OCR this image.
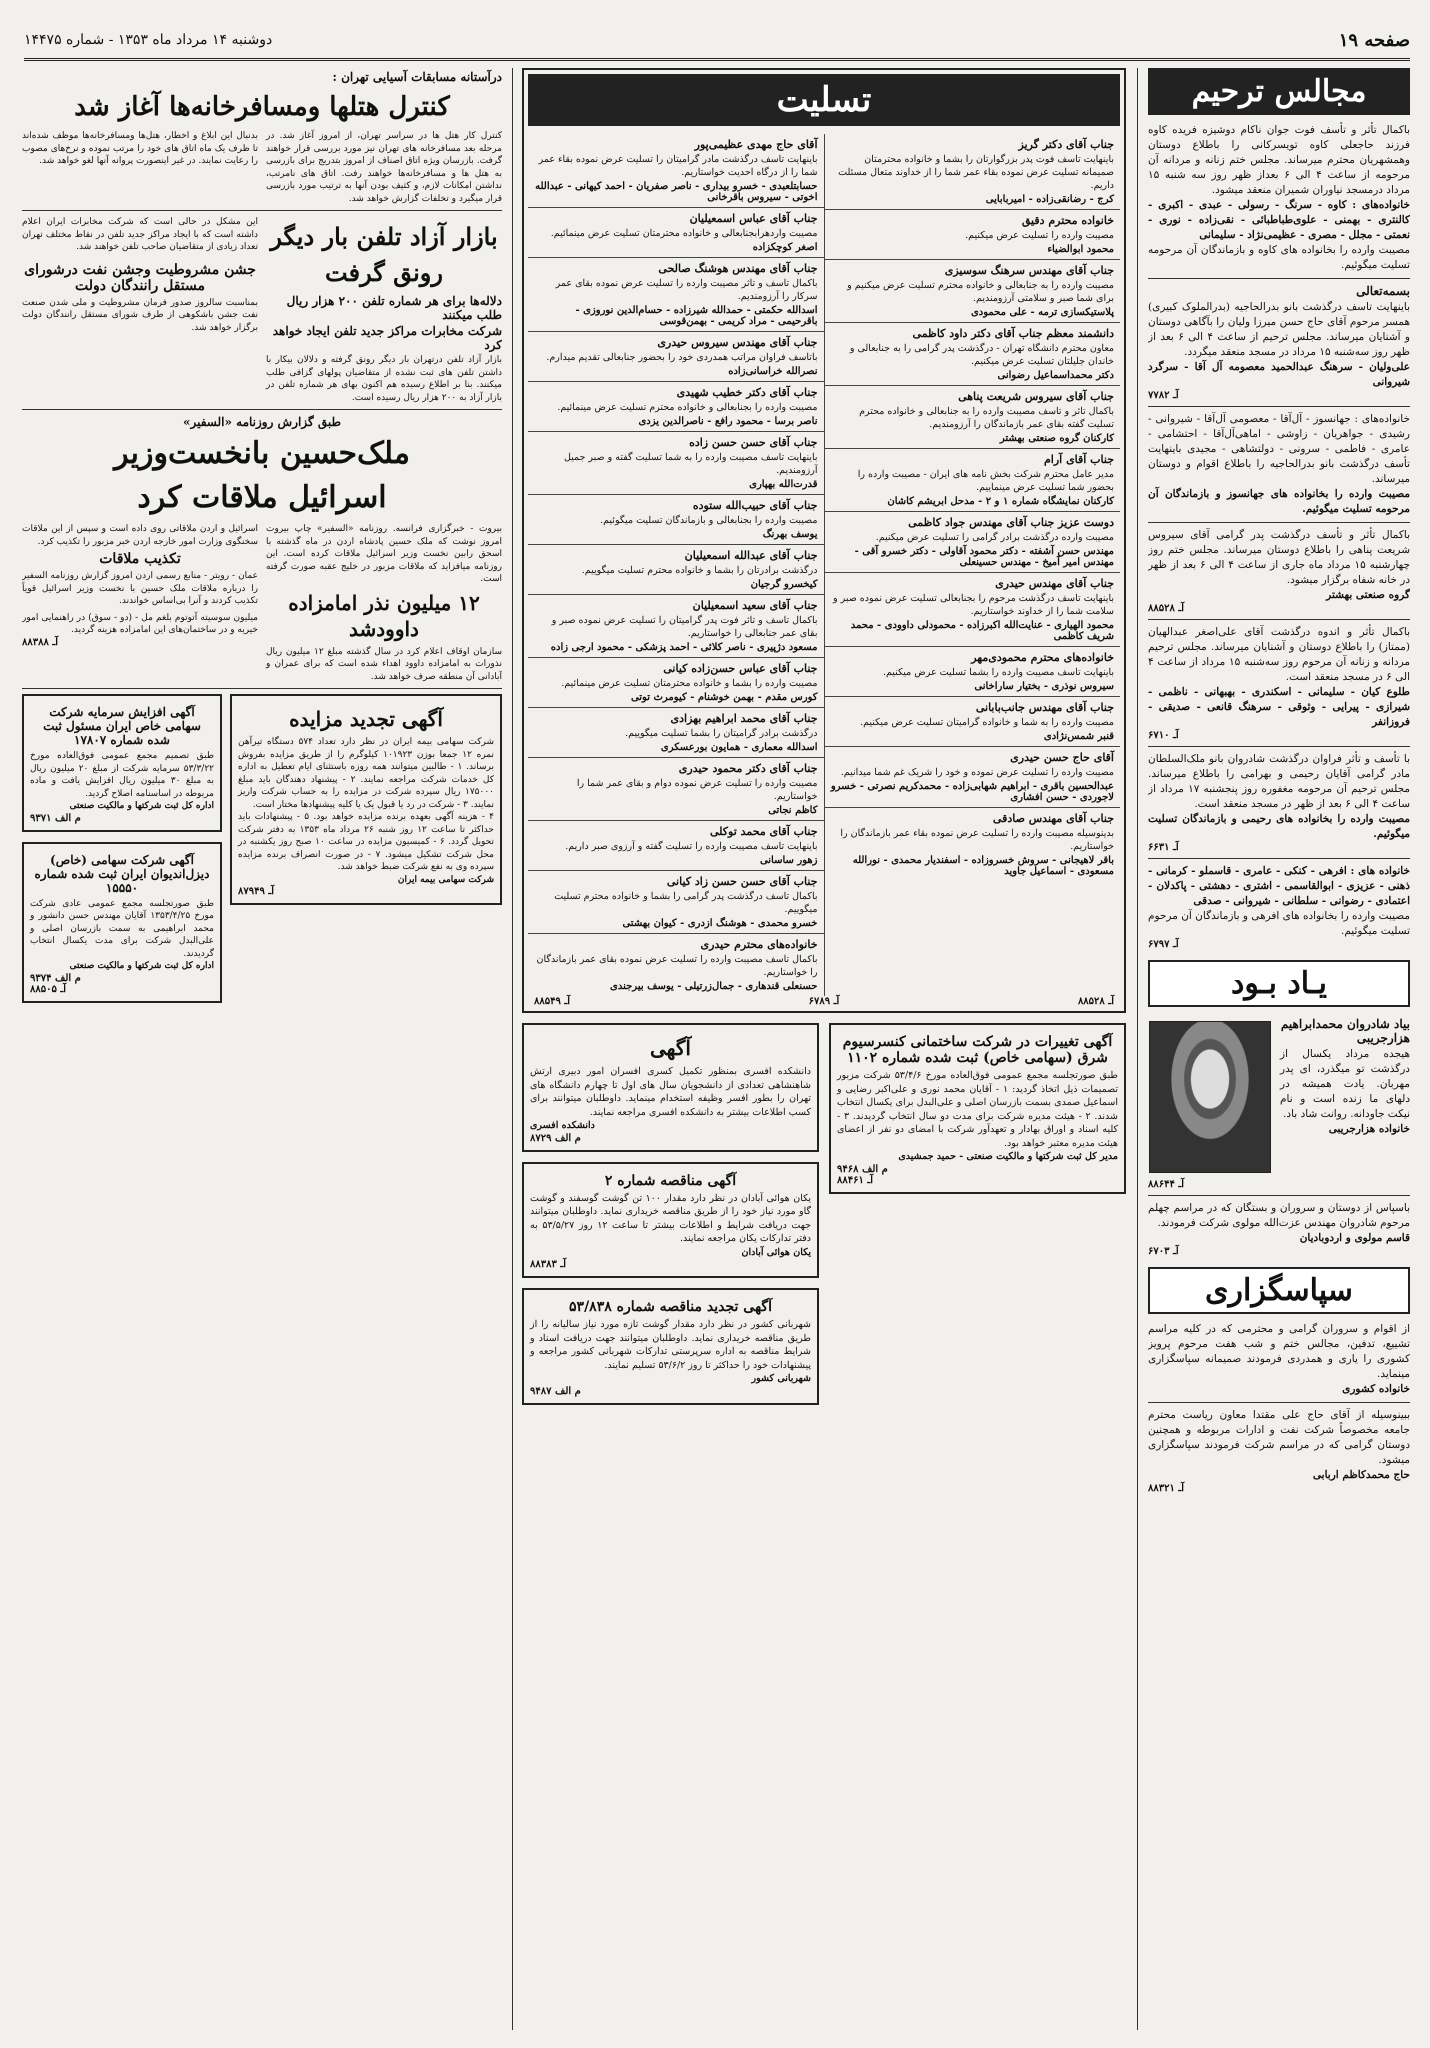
صفحه ۱۹
دوشنبه ۱۴ مرداد ماه ۱۳۵۳ - شماره ۱۴۴۷۵
مجالس ترحیم
باکمال تأثر و تأسف فوت جوان ناکام دوشیزه فریده کاوه فرزند حاجعلی کاوه تویسرکانی را باطلاع دوستان وهمشهریان محترم میرساند. مجلس ختم زنانه و مردانه آن مرحومه از ساعت ۴ الی ۶ بعداز ظهر روز سه شنبه ۱۵ مرداد درمسجد نیاوران شمیران منعقد میشود.
خانواده‌های : کاوه - سرنگ - رسولی - عبدی - اکبری - کالنتری - بهمنی - علوی‌طباطبائی - نقی‌زاده - نوری - نعمتی - مجلل - مصری - عظیمی‌نژاد - سلیمانی
مصیبت وارده را بخانواده های کاوه و بازماندگان آن مرحومه تسلیت میگوئیم.
بسمه‌تعالی
باینهایت تاسف درگذشت بانو بدرالحاجیه (بدرالملوک کبیری) همسر مرحوم آقای حاج حسن میرزا ولیان را بآگاهی دوستان و آشنایان میرساند. مجلس ترحیم از ساعت ۴ الی ۶ بعد از ظهر روز سه‌شنبه ۱۵ مرداد در مسجد منعقد میگردد.
علی‌ولیان - سرهنگ عبدالحمید معصومه آل آقا - سرگرد شیروانی
آـ ۷۷۸۲
خانواده‌های : جهانسوز - آل‌آقا - معصومی آل‌آقا - شیروانی - رشیدی - جواهریان - زاوشی - اماهی‌آل‌آقا - احتشامی - عامری - فاطمی - سرونی - دولتشاهی - مجیدی باینهایت تأسف درگذشت بانو بدرالحاجیه را باطلاع اقوام و دوستان میرساند.
مصیبت وارده را بخانواده های جهانسوز و بازماندگان آن مرحومه تسلیت میگوئیم.
باکمال تأثر و تأسف درگذشت پدر گرامی آقای سیروس شریعت پناهی را باطلاع دوستان میرساند. مجلس ختم روز چهارشنبه ۱۵ مرداد ماه جاری از ساعت ۴ الی ۶ بعد از ظهر در خانه شفاه برگزار میشود.
گروه صنعتی بهشتر
آـ ۸۸۵۲۸
باکمال تأثر و اندوه درگذشت آقای علی‌اصغر عبدالهیان (ممتاز) را باطلاع دوستان و آشنایان میرساند. مجلس ترحیم مردانه و زنانه آن مرحوم روز سه‌شنبه ۱۵ مرداد از ساعت ۴ الی ۶ در مسجد منعقد است.
طلوع کیان - سلیمانی - اسکندری - بهبهانی - ناظمی - شیرازی - پیرایی - وثوقی - سرهنگ قانعی - صدیقی - فروزانفر
آـ ۶۷۱۰
با تأسف و تأثر فراوان درگذشت شادروان بانو ملک‌السلطان مادر گرامی آقایان رحیمی و بهرامی را باطلاع میرساند. مجلس ترحیم آن مرحومه مغفوره روز پنجشنبه ۱۷ مرداد از ساعت ۴ الی ۶ بعد از ظهر در مسجد منعقد است.
مصیبت وارده را بخانواده های رحیمی و بازماندگان تسلیت میگوئیم.
آـ ۶۶۳۱
خانواده های : افرهی - کنکی - عامری - قاسملو - کرمانی - ذهنی - عزیزی - ابوالقاسمی - اشتری - دهشتی - پاکدلان - اعتمادی - رضوانی - سلطانی - شیروانی - صدقی
مصیبت وارده را بخانواده های افرهی و بازماندگان آن مرحوم تسلیت میگوئیم.
آـ ۶۷۹۷
یـاد بـود
بیاد شادروان محمدابراهیم هزارجریبی
هیجده مرداد یکسال از درگذشت تو میگذرد، ای پدر مهربان. یادت همیشه در دلهای ما زنده است و نام نیکت جاودانه. روانت شاد باد.
خانواده هزارجریبی
آـ ۸۸۶۴۴
باسپاس از دوستان و سروران و بستگان که در مراسم چهلم مرحوم شادروان مهندس عزت‌الله مولوی شرکت فرمودند.
قاسم مولوی و اردوبادیان
آـ ۶۷۰۳
سپاسگزاری
از اقوام و سروران گرامی و محترمی که در کلیه مراسم تشییع، تدفین، مجالس ختم و شب هفت مرحوم پرویز کشوری را یاری و همدردی فرمودند صمیمانه سپاسگزاری مینماید.
خانواده کشوری
ببینوسیله از آقای حاج علی مقتدا معاون ریاست محترم جامعه مخصوصاً شرکت نفت و ادارات مربوطه و همچنین دوستان گرامی که در مراسم شرکت فرمودند سپاسگزاری میشود.
حاج محمدکاظم اربابی
آـ ۸۸۳۲۱
تسلیت
جناب آقای دکتر گریز
باینهایت تاسف فوت پدر بزرگوارتان را بشما و خانواده محترمتان صمیمانه تسلیت عرض نموده بقاء عمر شما را از خداوند متعال مسئلت داریم.
کرج - رضانقی‌زاده - امیربابایی
خانواده محترم دقیق
مصیبت وارده را تسلیت عرض میکنیم.
محمود ابوالضیاء
جناب آقای مهندس سرهنگ سوسیزی
مصیبت وارده را به جنابعالی و خانواده محترم تسلیت عرض میکنیم و برای شما صبر و سلامتی آرزومندیم.
پلاستیکسازی ترمه - علی محمودی
دانشمند معظم جناب آقای دکتر داود کاظمی
معاون محترم دانشگاه تهران - درگذشت پدر گرامی را به جنابعالی و خاندان جلیلتان تسلیت عرض میکنیم.
دکتر محمداسماعیل رضوانی
جناب آقای سیروس شریعت پناهی
باکمال تاثر و تاسف مصیبت وارده را به جنابعالی و خانواده محترم تسلیت گفته بقای عمر بازماندگان را آرزومندیم.
کارکنان گروه صنعتی بهشتر
جناب آقای آرام
مدیر عامل محترم شرکت بخش نامه های ایران - مصیبت وارده را بحضور شما تسلیت عرض مینماییم.
کارکنان نمایشگاه شماره ۱ و ۲ - مدحل ابریشم کاشان
دوست عزیز جناب آقای مهندس جواد کاظمی
مصیبت وارده درگذشت برادر گرامی را تسلیت عرض میکنیم.
مهندس حسن آشفته - دکتر محمود آقاولی - دکتر خسرو آقی - مهندس امیر آمیخ - مهندس حسینعلی
جناب آقای مهندس حیدری
باینهایت تاسف درگذشت مرحوم را بجنابعالی تسلیت عرض نموده صبر و سلامت شما را از خداوند خواستاریم.
محمود الهیاری - عنایت‌الله اکبرزاده - محمودلی داوودی - محمد شریف کاظمی
خانواده‌های محترم محمودی‌مهر
باینهایت تاسف مصیبت وارده را بشما تسلیت عرض میکنیم.
سیروس نوذری - بختیار ساراخانی
جناب آقای مهندس جانب‌بابانی
مصیبت وارده را به شما و خانواده گرامیتان تسلیت عرض میکنیم.
قنبر شمس‌نژادی
آقای حاج حسن حیدری
مصیبت وارده را تسلیت عرض نموده و خود را شریک غم شما میدانیم.
عبدالحسین باقری - ابراهیم شهابی‌زاده - محمدکریم نصرتی - خسرو لاجوردی - حسن افشاری
جناب آقای مهندس صادقی
بدینوسیله مصیبت وارده را تسلیت عرض نموده بقاء عمر بازماندگان را خواستاریم.
باقر لاهیجانی - سروش خسروزاده - اسفندیار محمدی - نورالله مسعودی - اسماعیل جاوید
آقای حاج مهدی عظیمی‌پور
باینهایت تاسف درگذشت مادر گرامیتان را تسلیت عرض نموده بقاء عمر شما را از درگاه احدیت خواستاریم.
حسابتلعبدی - خسرو بیداری - ناصر صفریان - احمد کیهانی - عبدالله اخوتی - سیروس باقرخانی
جناب آقای عباس اسمعیلیان
مصیبت واردهرابجنابعالی و خانواده محترمتان تسلیت عرض مینمائیم.
اصغر کوچکزاده
جناب آقای مهندس هوشنگ صالحی
باکمال تاسف و تاثر مصیبت وارده را تسلیت عرض نموده بقای عمر سرکار را آرزومندیم.
اسدالله حکمتی - حمدالله شیرزاده - حسام‌الدین نوروزی - باقرحیمی - مراد کریمی - بهمن‌قوسی
جناب آقای مهندس سیروس حیدری
باتاسف فراوان مراتب همدردی خود را بحضور جنابعالی تقدیم میدارم.
نصرالله خراسانی‌زاده
جناب آقای دکتر خطیب شهیدی
مصیبت وارده را بجنابعالی و خانواده محترم تسلیت عرض مینمائیم.
ناصر برسا - محمود رافع - ناصرالدین یزدی
جناب آقای حسن حسن زاده
باینهایت تاسف مصیبت وارده را به شما تسلیت گفته و صبر جمیل آرزومندیم.
قدرت‌الله بهپاری
جناب آقای حبیب‌الله ستوده
مصیبت وارده را بجنابعالی و بازماندگان تسلیت میگوئیم.
یوسف بهرنگ
جناب آقای عبدالله اسمعیلیان
درگذشت برادرتان را بشما و خانواده محترم تسلیت میگوییم.
کیخسرو گرجیان
جناب آقای سعید اسمعیلیان
باکمال تاسف و تاثر فوت پدر گرامیتان را تسلیت عرض نموده صبر و بقای عمر جنابعالی را خواستاریم.
مسعود دژپیری - ناصر کلائی - احمد پزشکی - محمود ارجی زاده
جناب آقای عباس حسن‌زاده کیانی
مصیبت وارده را بشما و خانواده محترمتان تسلیت عرض مینمائیم.
کورس مقدم - بهمن خوشنام - کیومرث توتی
جناب آقای محمد ابراهیم بهزادی
درگذشت برادر گرامیتان را بشما تسلیت میگوییم.
اسدالله معماری - همایون بورعسکری
جناب آقای دکتر محمود حیدری
مصیبت وارده را تسلیت عرض نموده دوام و بقای عمر شما را خواستاریم.
کاظم نجاتی
جناب آقای محمد توکلی
باینهایت تاسف مصیبت وارده را تسلیت گفته و آرزوی صبر داریم.
زهور ساسانی
جناب آقای حسن حسن زاد کیانی
باکمال تاسف درگذشت پدر گرامی را بشما و خانواده محترم تسلیت میگوییم.
خسرو محمدی - هوشنگ ازدری - کیوان بهشتی
خانواده‌های محترم حیدری
باکمال تاسف مصیبت وارده را تسلیت عرض نموده بقای عمر بازماندگان را خواستاریم.
حسنعلی قندهاری - جمال‌زرتیلی - یوسف بیرجندی
آـ ۸۸۵۴۹	آـ ۶۷۸۹	آـ ۸۸۵۲۸
آگهی تغییرات در شرکت ساختمانی کنسرسیوم شرق (سهامی خاص) ثبت شده شماره ۱۱۰۲
طبق صورتجلسه مجمع عمومی فوق‌العاده مورخ ۵۳/۴/۶ شرکت مزبور تصمیمات ذیل اتخاذ گردید: ۱ - آقایان محمد نوری و علی‌اکبر رضایی و اسماعیل صمدی بسمت بازرسان اصلی و علی‌البدل برای یکسال انتخاب شدند. ۲ - هیئت مدیره شرکت برای مدت دو سال انتخاب گردیدند. ۳ - کلیه اسناد و اوراق بهادار و تعهدآور شرکت با امضای دو نفر از اعضای هیئت مدیره معتبر خواهد بود.
مدیر کل ثبت شرکتها و مالکیت صنعتی - حمید جمشیدی
م الف ۹۴۶۸
آـ ۸۸۴۶۱
آگهی
دانشکده افسری بمنظور تکمیل کسری افسران امور دبیری ارتش شاهنشاهی تعدادی از دانشجویان سال های اول تا چهارم دانشگاه های تهران را بطور افسر وظیفه استخدام مینماید. داوطلبان میتوانند برای کسب اطلاعات بیشتر به دانشکده افسری مراجعه نمایند.
دانشکده افسری
م الف ۸۷۲۹
آگهی مناقصه شماره ۲
یکان هوائی آبادان در نظر دارد مقدار ۱۰۰ تن گوشت گوسفند و گوشت گاو مورد نیاز خود را از طریق مناقصه خریداری نماید. داوطلبان میتوانند جهت دریافت شرایط و اطلاعات بیشتر تا ساعت ۱۲ روز ۵۳/۵/۲۷ به دفتر تدارکات یکان مراجعه نمایند.
یکان هوائی آبادان
آـ ۸۸۳۸۳
آگهی تجدید مناقصه شماره ۵۳/۸۳۸
شهربانی کشور در نظر دارد مقدار گوشت تازه مورد نیاز سالیانه را از طریق مناقصه خریداری نماید. داوطلبان میتوانند جهت دریافت اسناد و شرایط مناقصه به اداره سرپرستی تدارکات شهربانی کشور مراجعه و پیشنهادات خود را حداکثر تا روز ۵۳/۶/۲ تسلیم نمایند.
شهربانی کشور
م الف ۹۴۸۷
درآستانه مسابقات آسیایی تهران :
کنترل هتلها ومسافرخانه‌ها آغاز شد
کنترل کار هتل ها در سراسر تهران، از امروز آغاز شد. در مرحله بعد مسافرخانه های تهران نیز مورد بررسی قرار خواهند گرفت. بازرسان ویژه اتاق اصناف از امروز بتدریج برای بازرسی به هتل ها و مسافرخانه‌ها خواهند رفت. اتاق های نامرتب، نداشتن امکانات لازم، و کثیف بودن آنها به ترتیب مورد بازرسی قرار میگیرد و تخلفات گزارش خواهد شد.
بدنبال این ابلاغ و اخطار، هتل‌ها ومسافرخانه‌ها موظف شده‌اند تا ظرف یک ماه اتاق های خود را مرتب نموده و نرخ‌های مصوب را رعایت نمایند. در غیر اینصورت پروانه آنها لغو خواهد شد.
بازار آزاد تلفن بار دیگر
رونق گرفت
دلاله‌ها برای هر شماره تلفن ۲۰۰ هزار ریال طلب میکنند
شرکت مخابرات مراکز جدید تلفن ایجاد خواهد کرد
بازار آزاد تلفن درتهران بار دیگر رونق گرفته و دلالان بیکار با داشتن تلفن های ثبت نشده از متقاضیان پولهای گزافی طلب میکنند. بنا بر اطلاع رسیده هم اکنون بهای هر شماره تلفن در بازار آزاد به ۲۰۰ هزار ریال رسیده است.
این مشکل در حالی است که شرکت مخابرات ایران اعلام داشته است که با ایجاد مراکز جدید تلفن در نقاط مختلف تهران تعداد زیادی از متقاضیان صاحب تلفن خواهند شد.
جشن مشروطیت وجشن نفت درشورای مستقل رانندگان دولت
بمناسبت سالروز صدور فرمان مشروطیت و ملی شدن صنعت نفت جشن باشکوهی از طرف شورای مستقل رانندگان دولت برگزار خواهد شد.
طبق گزارش روزنامه «السفیر»
ملک‌حسین بانخست‌وزیر
اسرائیل ملاقات کرد
بیروت - خبرگزاری فرانسه. روزنامه «السفیر» چاپ بیروت امروز نوشت که ملک حسین پادشاه اردن در ماه گذشته با اسحق رابین نخست وزیر اسرائیل ملاقات کرده است. این روزنامه میافزاید که ملاقات مزبور در خلیج عقبه صورت گرفته است.
۱۲ میلیون نذر امامزاده داوودشد
سازمان اوقاف اعلام کرد در سال گذشته مبلغ ۱۲ میلیون ریال نذورات به امامزاده داوود اهداء شده است که برای عمران و آبادانی آن منطقه صرف خواهد شد.
اسرائیل و اردن ملاقاتی روی داده است و سپس از این ملاقات سخنگوی وزارت امور خارجه اردن خبر مزبور را تکذیب کرد.
تکذیب ملاقات
عمان - رویتر - منابع رسمی اردن امروز گزارش روزنامه السفیر را درباره ملاقات ملک حسین با نخست وزیر اسرائیل قویاً تکذیب کردند و آنرا بی‌اساس خواندند.
میلیون سوسیته آتوتوم بلغم مل - (دو - سوق) در راهنمایی امور خیریه و در ساختمان‌های این امامزاده هزینه گردید.
آـ ۸۸۳۸۸
آگهی تجدید مزایده
شرکت سهامی بیمه ایران در نظر دارد تعداد ۵۷۴ دستگاه تیرآهن نمره ۱۲ جمعا بوزن ۱۰۱۹۲۳ کیلوگرم را از طریق مزایده بفروش برساند. ۱ - طالبین میتوانند همه روزه باستثنای ایام تعطیل به اداره کل خدمات شرکت مراجعه نمایند. ۲ - پیشنهاد دهندگان باید مبلغ ۱۷۵۰۰۰ ریال سپرده شرکت در مزایده را به حساب شرکت واریز نمایند. ۳ - شرکت در رد یا قبول یک یا کلیه پیشنهادها مختار است.
۴ - هزینه آگهی بعهده برنده مزایده خواهد بود. ۵ - پیشنهادات باید حداکثر تا ساعت ۱۲ روز شنبه ۲۶ مرداد ماه ۱۳۵۳ به دفتر شرکت تحویل گردد. ۶ - کمیسیون مزایده در ساعت ۱۰ صبح روز یکشنبه در محل شرکت تشکیل میشود. ۷ - در صورت انصراف برنده مزایده سپرده وی به نفع شرکت ضبط خواهد شد.
شرکت سهامی بیمه ایران
آـ ۸۷۹۴۹
آگهی افزایش سرمایه شرکت سهامی خاص ایران مسئول ثبت شده شماره ۱۷۸۰۷
طبق تصمیم مجمع عمومی فوق‌العاده مورخ ۵۳/۳/۲۲ سرمایه شرکت از مبلغ ۲۰ میلیون ریال به مبلغ ۳۰ میلیون ریال افزایش یافت و ماده مربوطه در اساسنامه اصلاح گردید.
اداره کل ثبت شرکتها و مالکیت صنعتی
م الف ۹۳۷۱
آگهی شرکت سهامی (خاص) دیزل‌اندیوان ایران ثبت شده شماره ۱۵۵۵۰
طبق صورتجلسه مجمع عمومی عادی شرکت مورخ ۱۳۵۳/۴/۲۵ آقایان مهندس حسن دانشور و محمد ابراهیمی به سمت بازرسان اصلی و علی‌البدل شرکت برای مدت یکسال انتخاب گردیدند.
اداره کل ثبت شرکتها و مالکیت صنعتی
م الف ۹۳۷۴
آـ ۸۸۵۰۵
